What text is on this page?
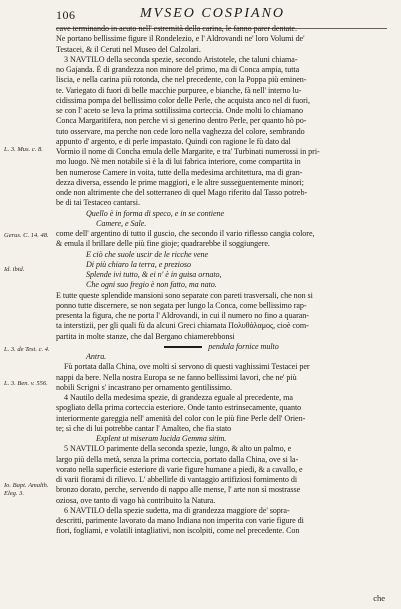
106	MVSEO COSPIANO
cave terminando in acuto nell' estremità della carina, le fanno parer dentate.
Ne portano bellissime figure il Rondelezio, e l' Aldrovandi ne' loro Volumi de'
Testacei, & il Ceruti nel Museo del Calzolari.
3 NAVTILO della seconda spezie, secondo Aristotele, che taluni chiama-
no Gajanda. È di grandezza non minore del primo, ma di Conca ampia, tutta
liscia, e nella carina più rotonda, che nel precedente, con la Poppa più eminen-
te. Variegato di fuori di belle macchie purpuree, e bianche, fà nell' interno lu-
cidissima pompa del bellissimo color delle Perle, che acquista anco nel di fuori,
se con l' aceto se leva la prima sottilissima corteccia. Onde molti lo chiamano
Conca Margaritifera, non perche vi si generino dentro Perle, per quanto hò po-
tuto osservare, ma perche non cede loro nella vaghezza del colore, sembrando
appunto d' argento, e di perle impastato. Quindi con ragione le fù dato dal
Vormio il nome di Concha emula delle Margarite, e tra' Turbinati numerossi in pri-
mo luogo. Nè men notabile sì è la di lui fabrica interiore, come compartita in
ben numerose Camere in voita, tutte della medesima architettura, ma di gran-
dezza diversa, essendo le prime maggiori, e le altre susseguentemente minori;
onde non altrimente che del sotterraneo di quel Mago riferito dal Tasso potreb-
be di tai Testaceo cantarsi.
Quello è in forma di speco, e in se contiene
Camere, e Sale.
come dell' argentino di tutto il guscio, che secondo il vario riflesso cangia colore,
& emula il brillare delle più fine gioje; quadrarebbe il soggiungere.
E ciò che suole uscir de le ricche vene
Di più chiaro la terra, e prezioso
Splende ivi tutto, & ei n' è in guisa ornato,
Che ogni suo fregio è non fatto, ma nato.
E tutte queste splendide mansioni sono separate con pareti trasversali, che non si
ponno tutte discernere, se non segata per lungo la Conca, come bellissimo rap-
presenta la figura, che ne porta l' Aldrovandi, in cui il numero no fino a quaran-
ta interstizii, per gli quali fù da alcuni Greci chiamata Πολυθάλαμος, cioè com-
partita in molte stanze, che dal Bergano chiamerebbonsi
pendula fornice multo
Antra.
Fù portata dalla China, ove molti sì servono di questi vaghissimi Testacei per
nappi da bere. Nella nostra Europa se ne fanno bellissimi lavori, che ne' più
nobili Scrigni s' incastrano per ornamento gentilissimo.
4 Nautilo della medesima spezie, di grandezza eguale al precedente, ma
spogliato della prima corteccia esteriore. Onde tanto estrinsecamente, quanto
interiormente gareggia nell' amenità del color con le più fine Perle dell' Orien-
te; sì che di lui potrebbe cantar l' Amalteo, che fia stato
Explent ut miseram lucida Gemma sitim.
5 NAVTILO parimente della seconda spezie, lungo, & alto un palmo, e
largo più della metà, senza la prima corteccia, portato dalla China, ove si la-
vorato nella superficie esteriore di varie figure humane a piedi, & a cavallo, e
di varii fiorami di rilievo. L' abbellirle di vantaggio artifiziosi fornimento di
bronzo dorato, perche, servendo di nappo alle mense, l' arte non sì mostrasse
oziosa, ove tanto di vago hà contribuito la Natura.
6 NAVTILO della spezie sudetta, ma di grandezza maggiore de' sopra-
descritti, parimente lavorato da mano Indiana non imperita con varie figure di
fiori, fogliami, e volatili intagliativi, non iscolpiti, come nel precedente. Con
L. 3. Mus. c. 8.
Gerus. C. 14. 48.
Id. ibid.
L. 3. de Test. c. 4.
L. 3. Ben. v. 556.
Io. Bapt. Amalth. Eleg. 3.
che
